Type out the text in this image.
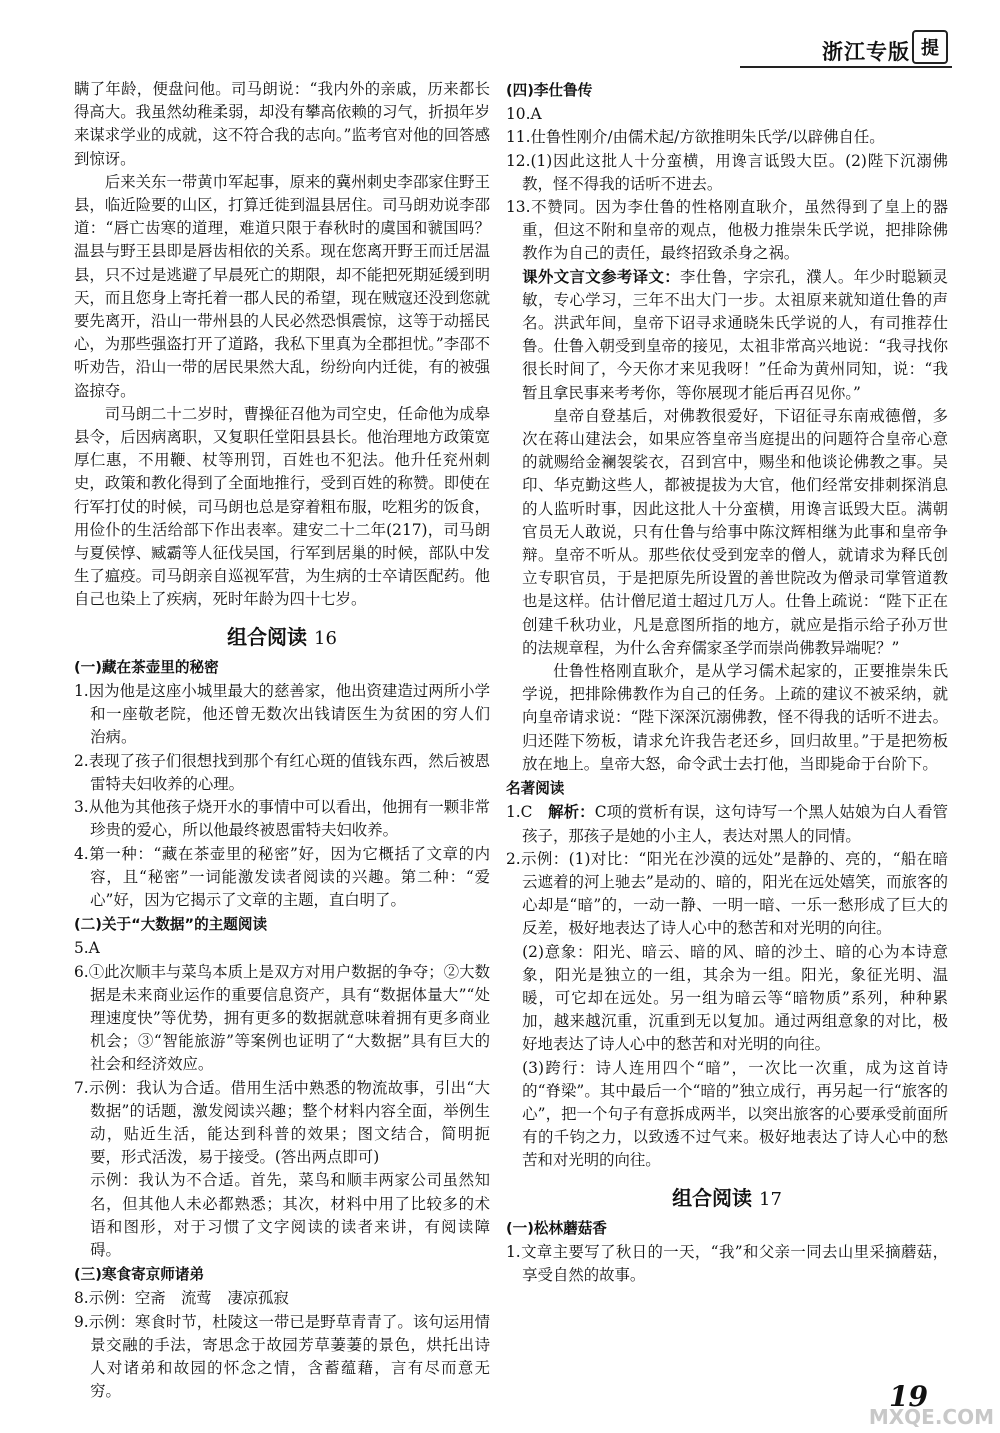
浙江专版 提

瞒了年龄，便盘问他。司马朗说：“我内外的亲戚，历来都长得高大。我虽然幼稚柔弱，却没有攀高依赖的习气，折损年岁来谋求学业的成就，这不符合我的志向。”监考官对他的回答感到惊讶。

后来关东一带黄巾军起事，原来的冀州刺史李邵家住野王县，临近险要的山区，打算迁徙到温县居住。司马朗劝说李邵道：“唇亡齿寒的道理，难道只限于春秋时的虞国和虢国吗？温县与野王县即是唇齿相依的关系。现在您离开野王而迁居温县，只不过是逃避了早晨死亡的期限，却不能把死期延缓到明天，而且您身上寄托着一郡人民的希望，现在贼寇还没到您就要先离开，沿山一带州县的人民必然恐惧震惊，这等于动摇民心，为那些强盗打开了道路，我私下里真为全郡担忧。”李邵不听劝告，沿山一带的居民果然大乱，纷纷向内迁徙，有的被强盗掠夺。

司马朗二十二岁时，曹操征召他为司空史，任命他为成皋县令，后因病离职，又复职任堂阳县县长。他治理地方政策宽厚仁惠，不用鞭、杖等刑罚，百姓也不犯法。他升任兖州刺史，政策和教化得到了全面地推行，受到百姓的称赞。即使在行军打仗的时候，司马朗也总是穿着粗布服，吃粗劣的饭食，用俭仆的生活给部下作出表率。建安二十二年(217)，司马朗与夏侯惇、臧霸等人征伐吴国，行军到居巢的时候，部队中发生了瘟疫。司马朗亲自巡视军营，为生病的士卒请医配药。他自己也染上了疾病，死时年龄为四十七岁。

组合阅读 16
(一)藏在茶壶里的秘密

1.因为他是这座小城里最大的慈善家，他出资建造过两所小学和一座敬老院，他还曾无数次出钱请医生为贫困的穷人们治病。

2.表现了孩子们很想找到那个有红心斑的值钱东西，然后被恩雷特夫妇收养的心理。

3.从他为其他孩子烧开水的事情中可以看出，他拥有一颗非常珍贵的爱心，所以他最终被恩雷特夫妇收养。

4.第一种：“藏在茶壶里的秘密”好，因为它概括了文章的内容，且“秘密”一词能激发读者阅读的兴趣。第二种：“爱心”好，因为它揭示了文章的主题，直白明了。

(二)关于“大数据”的主题阅读

5.A

6.①此次顺丰与菜鸟本质上是双方对用户数据的争夺；②大数据是未来商业运作的重要信息资产，具有“数据体量大”“处理速度快”等优势，拥有更多的数据就意味着拥有更多商业机会；③“智能旅游”等案例也证明了“大数据”具有巨大的社会和经济效应。

7.示例：我认为合适。借用生活中熟悉的物流故事，引出“大数据”的话题，激发阅读兴趣；整个材料内容全面，举例生动，贴近生活，能达到科普的效果；图文结合，简明扼要，形式活泼，易于接受。(答出两点即可)

示例：我认为不合适。首先，菜鸟和顺丰两家公司虽然知名，但其他人未必都熟悉；其次，材料中用了比较多的术语和图形，对于习惯了文字阅读的读者来讲，有阅读障碍。

(三)寒食寄京师诸弟

8.示例：空斋　流莺　凄凉孤寂

9.示例：寒食时节，杜陵这一带已是野草青青了。该句运用情景交融的手法，寄思念于故园芳草萋萋的景色，烘托出诗人对诸弟和故园的怀念之情，含蓄蕴藉，言有尽而意无穷。

(四)李仕鲁传

10.A

11.仕鲁性刚介/由儒术起/方欲推明朱氏学/以辟佛自任。

12.(1)因此这批人十分蛮横，用谗言诋毁大臣。(2)陛下沉溺佛教，怪不得我的话听不进去。

13.不赞同。因为李仕鲁的性格刚直耿介，虽然得到了皇上的器重，但这不附和皇帝的观点，他极力推崇朱氏学说，把排除佛教作为自己的责任，最终招致杀身之祸。

课外文言文参考译文：李仕鲁，字宗孔，濮人。年少时聪颖灵敏，专心学习，三年不出大门一步。太祖原来就知道仕鲁的声名。洪武年间，皇帝下诏寻求通晓朱氏学说的人，有司推荐仕鲁。仕鲁入朝受到皇帝的接见，太祖非常高兴地说：“我寻找你很长时间了，今天你才来见我呀！”任命为黄州同知，说：“我暂且拿民事来考考你，等你展现才能后再召见你。”

皇帝自登基后，对佛教很爱好，下诏征寻东南戒德僧，多次在蒋山建法会，如果应答皇帝当庭提出的问题符合皇帝心意的就赐给金襕袈裟衣，召到宫中，赐坐和他谈论佛教之事。吴印、华克勤这些人，都被提拔为大官，他们经常安排刺探消息的人监听时事，因此这批人十分蛮横，用谗言诋毁大臣。满朝官员无人敢说，只有仕鲁与给事中陈汶辉相继为此事和皇帝争辩。皇帝不听从。那些依仗受到宠幸的僧人，就请求为释氏创立专职官员，于是把原先所设置的善世院改为僧录司掌管道教也是这样。估计僧尼道士超过几万人。仕鲁上疏说：“陛下正在创建千秋功业，凡是意图所指的地方，就应是指示给子孙万世的法规章程，为什么舍弃儒家圣学而崇尚佛教异端呢？”

仕鲁性格刚直耿介，是从学习儒术起家的，正要推崇朱氏学说，把排除佛教作为自己的任务。上疏的建议不被采纳，就向皇帝请求说：“陛下深深沉溺佛教，怪不得我的话听不进去。归还陛下笏板，请求允许我告老还乡，回归故里。”于是把笏板放在地上。皇帝大怒，命令武士去打他，当即毙命于台阶下。

名著阅读

1.C　 解析：C项的赏析有误，这句诗写一个黑人姑娘为白人看管孩子，那孩子是她的小主人，表达对黑人的同情。

2.示例：(1)对比：“阳光在沙漠的远处”是静的、亮的，“船在暗云遮着的河上驰去”是动的、暗的，阳光在远处嬉笑，而旅客的心却是“暗”的，一动一静、一明一暗、一乐一愁形成了巨大的反差，极好地表达了诗人心中的愁苦和对光明的向往。

(2)意象：阳光、暗云、暗的风、暗的沙土、暗的心为本诗意象，阳光是独立的一组，其余为一组。阳光，象征光明、温暖，可它却在远处。另一组为暗云等“暗物质”系列，种种累加，越来越沉重，沉重到无以复加。通过两组意象的对比，极好地表达了诗人心中的愁苦和对光明的向往。

(3)跨行：诗人连用四个“暗”，一次比一次重，成为这首诗的“脊梁”。其中最后一个“暗的”独立成行，再另起一行“旅客的心”，把一个句子有意拆成两半，以突出旅客的心要承受前面所有的千钧之力，以致透不过气来。极好地表达了诗人心中的愁苦和对光明的向往。

组合阅读 17
(一)松林蘑菇香

1.文章主要写了秋日的一天，“我”和父亲一同去山里采摘蘑菇，享受自然的故事。

19
MXQE.COM
